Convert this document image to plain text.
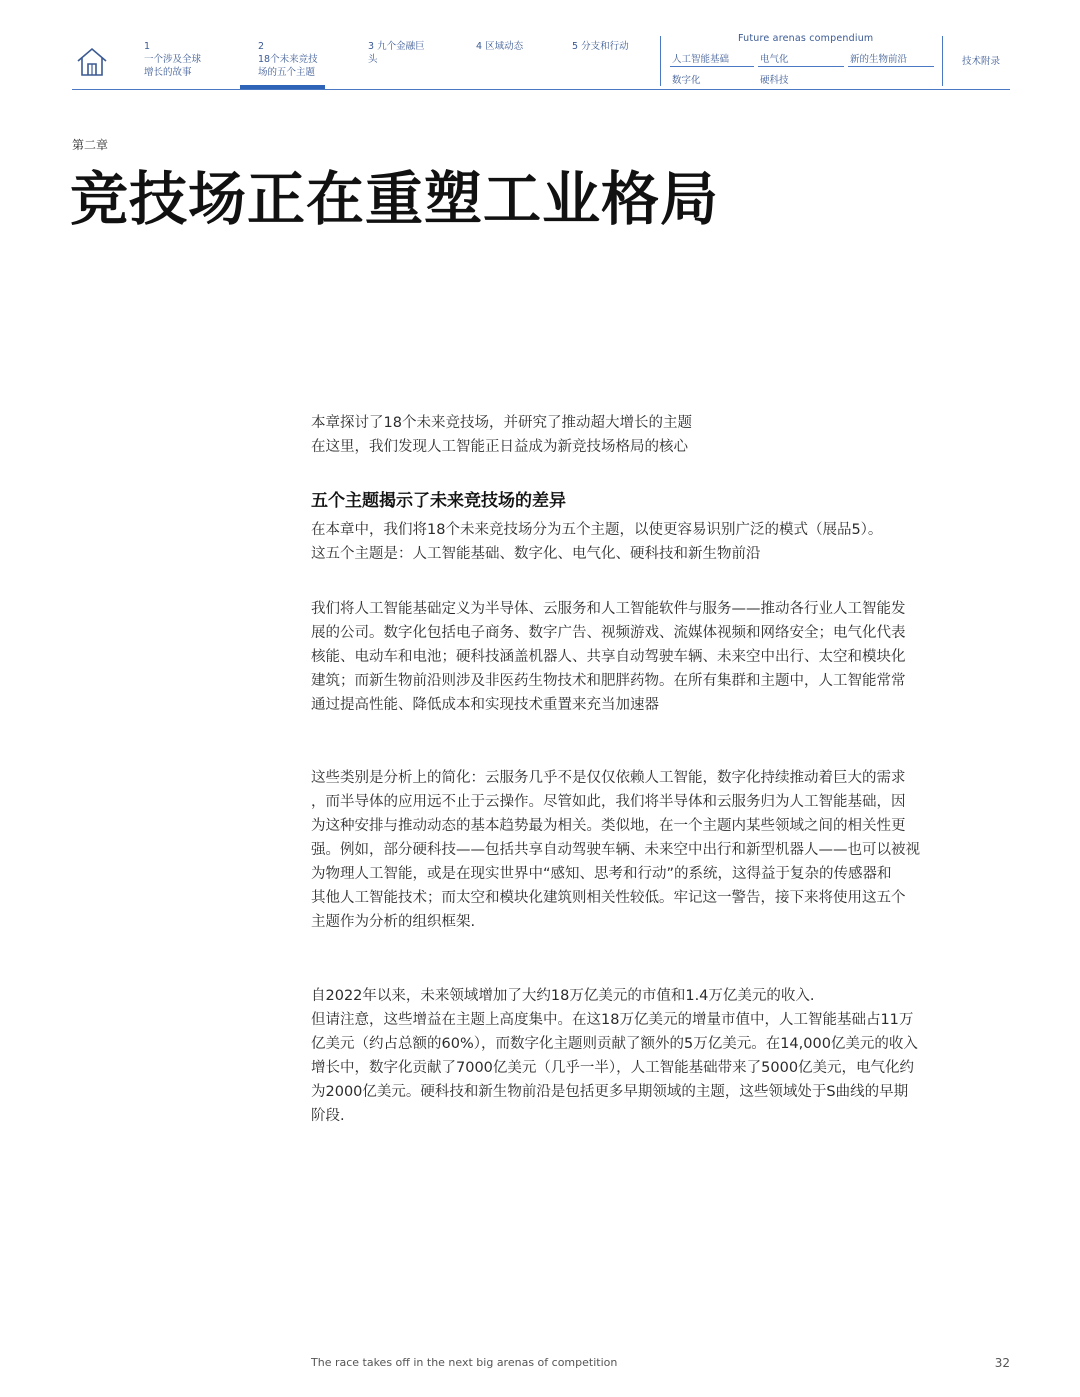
1
一个涉及全球增长的故事
2
18个未来竞技场的五个主题
3 九个金融巨头
4 区域动态	5 分支和行动
Future arenas compendium
人工智能基础	电气化	新的生物前沿
数字化	硬科技
技术附录
第二章
竞技场正在重塑工业格局
本章探讨了18个未来竞技场，并研究了推动超大增长的主题
在这里，我们发现人工智能正日益成为新竞技场格局的核心
五个主题揭示了未来竞技场的差异
在本章中，我们将18个未来竞技场分为五个主题，以使更容易识别广泛的模式（展品5）。
这五个主题是：人工智能基础、数字化、电气化、硬科技和新生物前沿
我们将人工智能基础定义为半导体、云服务和人工智能软件与服务——推动各行业人工智能发
展的公司。数字化包括电子商务、数字广告、视频游戏、流媒体视频和网络安全；电气化代表
核能、电动车和电池；硬科技涵盖机器人、共享自动驾驶车辆、未来空中出行、太空和模块化
建筑；而新生物前沿则涉及非医药生物技术和肥胖药物。在所有集群和主题中，人工智能常常
通过提高性能、降低成本和实现技术重置来充当加速器
这些类别是分析上的简化：云服务几乎不是仅仅依赖人工智能，数字化持续推动着巨大的需求
，而半导体的应用远不止于云操作。尽管如此，我们将半导体和云服务归为人工智能基础，因
为这种安排与推动动态的基本趋势最为相关。类似地，在一个主题内某些领域之间的相关性更
强。例如，部分硬科技——包括共享自动驾驶车辆、未来空中出行和新型机器人——也可以被视
为物理人工智能，或是在现实世界中“感知、思考和行动”的系统，这得益于复杂的传感器和
其他人工智能技术；而太空和模块化建筑则相关性较低。牢记这一警告，接下来将使用这五个
主题作为分析的组织框架.
自2022年以来，未来领域增加了大约18万亿美元的市值和1.4万亿美元的收入.
但请注意，这些增益在主题上高度集中。在这18万亿美元的增量市值中，人工智能基础占11万
亿美元（约占总额的60%），而数字化主题则贡献了额外的5万亿美元。在14,000亿美元的收入
增长中，数字化贡献了7000亿美元（几乎一半），人工智能基础带来了5000亿美元，电气化约
为2000亿美元。硬科技和新生物前沿是包括更多早期领域的主题，这些领域处于S曲线的早期
阶段.
The race takes off in the next big arenas of competition	32
